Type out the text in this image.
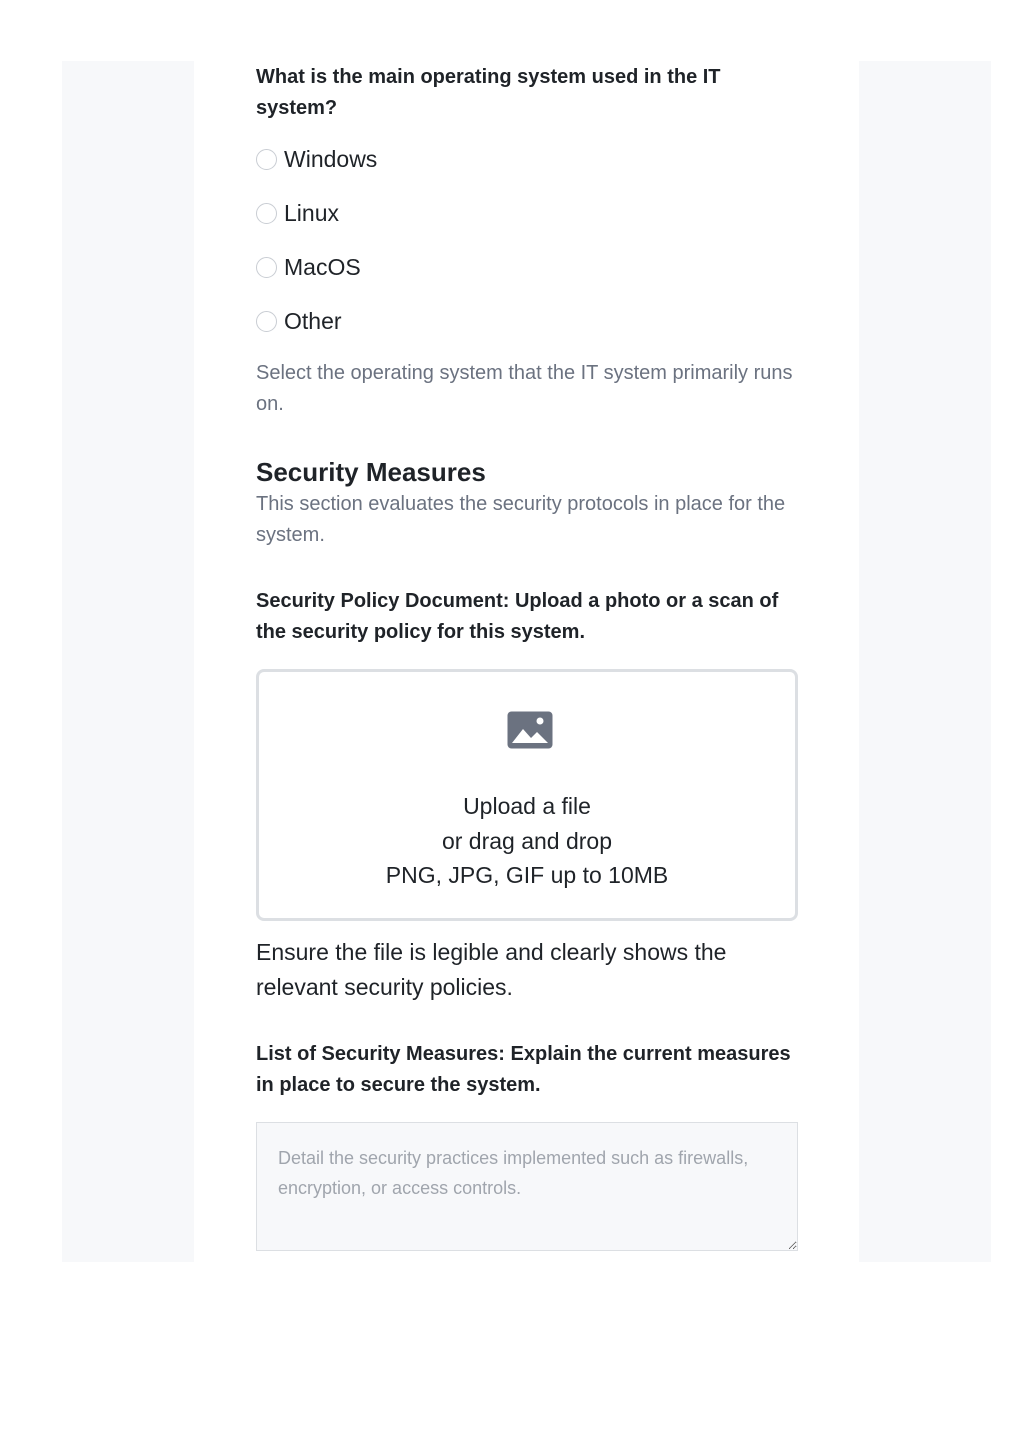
What is the main operating system used in the IT system?

Windows
Linux
MacOS
Other

Select the operating system that the IT system primarily runs on.

Security Measures

This section evaluates the security protocols in place for the system.

Security Policy Document: Upload a photo or a scan of the security policy for this system.

Upload a file
or drag and drop
PNG, JPG, GIF up to 10MB

Ensure the file is legible and clearly shows the relevant security policies.

List of Security Measures: Explain the current measures in place to secure the system.

Detail the security practices implemented such as firewalls, encryption, or access controls.
